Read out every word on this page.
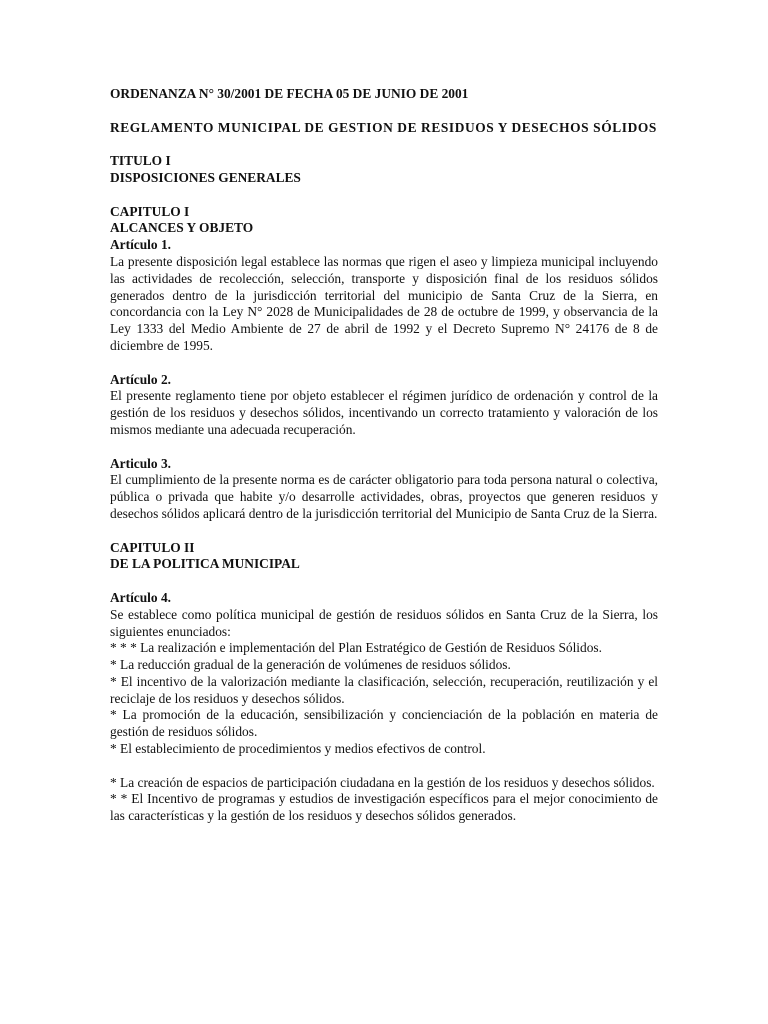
ORDENANZA N° 30/2001 DE FECHA 05 DE JUNIO DE 2001

REGLAMENTO MUNICIPAL DE GESTION DE RESIDUOS Y DESECHOS SÓLIDOS

TITULO I

DISPOSICIONES GENERALES

CAPITULO I

ALCANCES Y OBJETO

Artículo 1.

La presente disposición legal establece las normas que rigen el aseo y limpieza municipal incluyendo las actividades de recolección, selección, transporte y disposición final de los residuos sólidos generados dentro de la jurisdicción territorial del municipio de Santa Cruz de la Sierra, en concordancia con la Ley N° 2028 de Municipalidades de 28 de octubre de 1999, y observancia de la Ley 1333 del Medio Ambiente de 27 de abril de 1992 y el Decreto Supremo N° 24176 de 8 de diciembre de 1995.

Artículo 2.

El presente reglamento tiene por objeto establecer el régimen jurídico de ordenación y control de la gestión de los residuos y desechos sólidos, incentivando un correcto tratamiento y valoración de los mismos mediante una adecuada recuperación.

Articulo 3.

El cumplimiento de la presente norma es de carácter obligatorio para toda persona natural o colectiva, pública o privada que habite y/o desarrolle actividades, obras, proyectos que generen residuos y desechos sólidos aplicará dentro de la jurisdicción territorial del Municipio de Santa Cruz de la Sierra.

CAPITULO II

DE LA POLITICA MUNICIPAL

Artículo 4.

Se establece como política municipal de gestión de residuos sólidos en Santa Cruz de la Sierra, los siguientes enunciados:

* * * La realización e implementación del Plan Estratégico de Gestión de Residuos Sólidos.

* La reducción gradual de la generación de volúmenes de residuos sólidos.

* El incentivo de la valorización mediante la clasificación, selección, recuperación, reutilización y el reciclaje de los residuos y desechos sólidos.

* La promoción de la educación, sensibilización y concienciación de la población en materia de gestión de residuos sólidos.

* El establecimiento de procedimientos y medios efectivos de control.

* La creación de espacios de participación ciudadana en la gestión de los residuos y desechos sólidos.

* * El Incentivo de programas y estudios de investigación específicos para el mejor conocimiento de las características y la gestión de los residuos y desechos sólidos generados.
